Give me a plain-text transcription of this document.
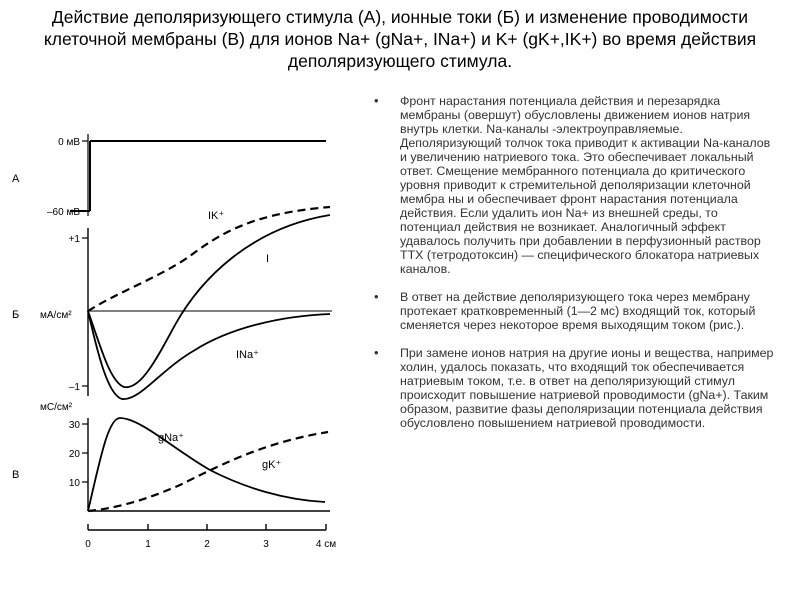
Действие деполяризующего стимула (А), ионные токи (Б) и изменение проводимости клеточной мембраны (В) для ионов Na+ (gNa+, INa+) и K+ (gK+,IK+) во время действия деполяризующего стимула.
А
Б
В
0 мВ
–60 мВ
+1
–1
мА/см²
IK⁺
I
INa⁺
30
20
10
мС/см²
gNa⁺
gK⁺
0	1	2	3	4 см
• Фронт нарастания потенциала действия и перезарядка мембраны (овершут) обусловлены движением ионов натрия внутрь клетки. Na-каналы -электроуправляемые. Деполяризующий толчок тока приводит к активации Na-каналов и увеличению натриевого тока. Это обеспечивает локальный ответ. Смещение мембранного потенциала до критического уровня приводит к стремительной деполяризации клеточной мембра ны и обеспечивает фронт нарастания потенциала действия. Если удалить ион Na+ из внешней среды, то потенциал действия не возникает. Аналогичный эффект удавалось получить при добавлении в перфузионный раствор ТТХ (тетродотоксин) — специфического блокатора натриевых каналов.
• В ответ на действие деполяризующего тока через мембрану протекает кратковременный (1—2 мс) входящий ток, который сменяется через некоторое время выходящим током (рис.).
• При замене ионов натрия на другие ионы и вещества, например холин, удалось показать, что входящий ток обеспечивается натриевым током, т.е. в ответ на деполяризующий стимул происходит повышение натриевой проводимости (gNa+). Таким образом, развитие фазы деполяризации потенциала действия обусловлено повышением натриевой проводимости.
